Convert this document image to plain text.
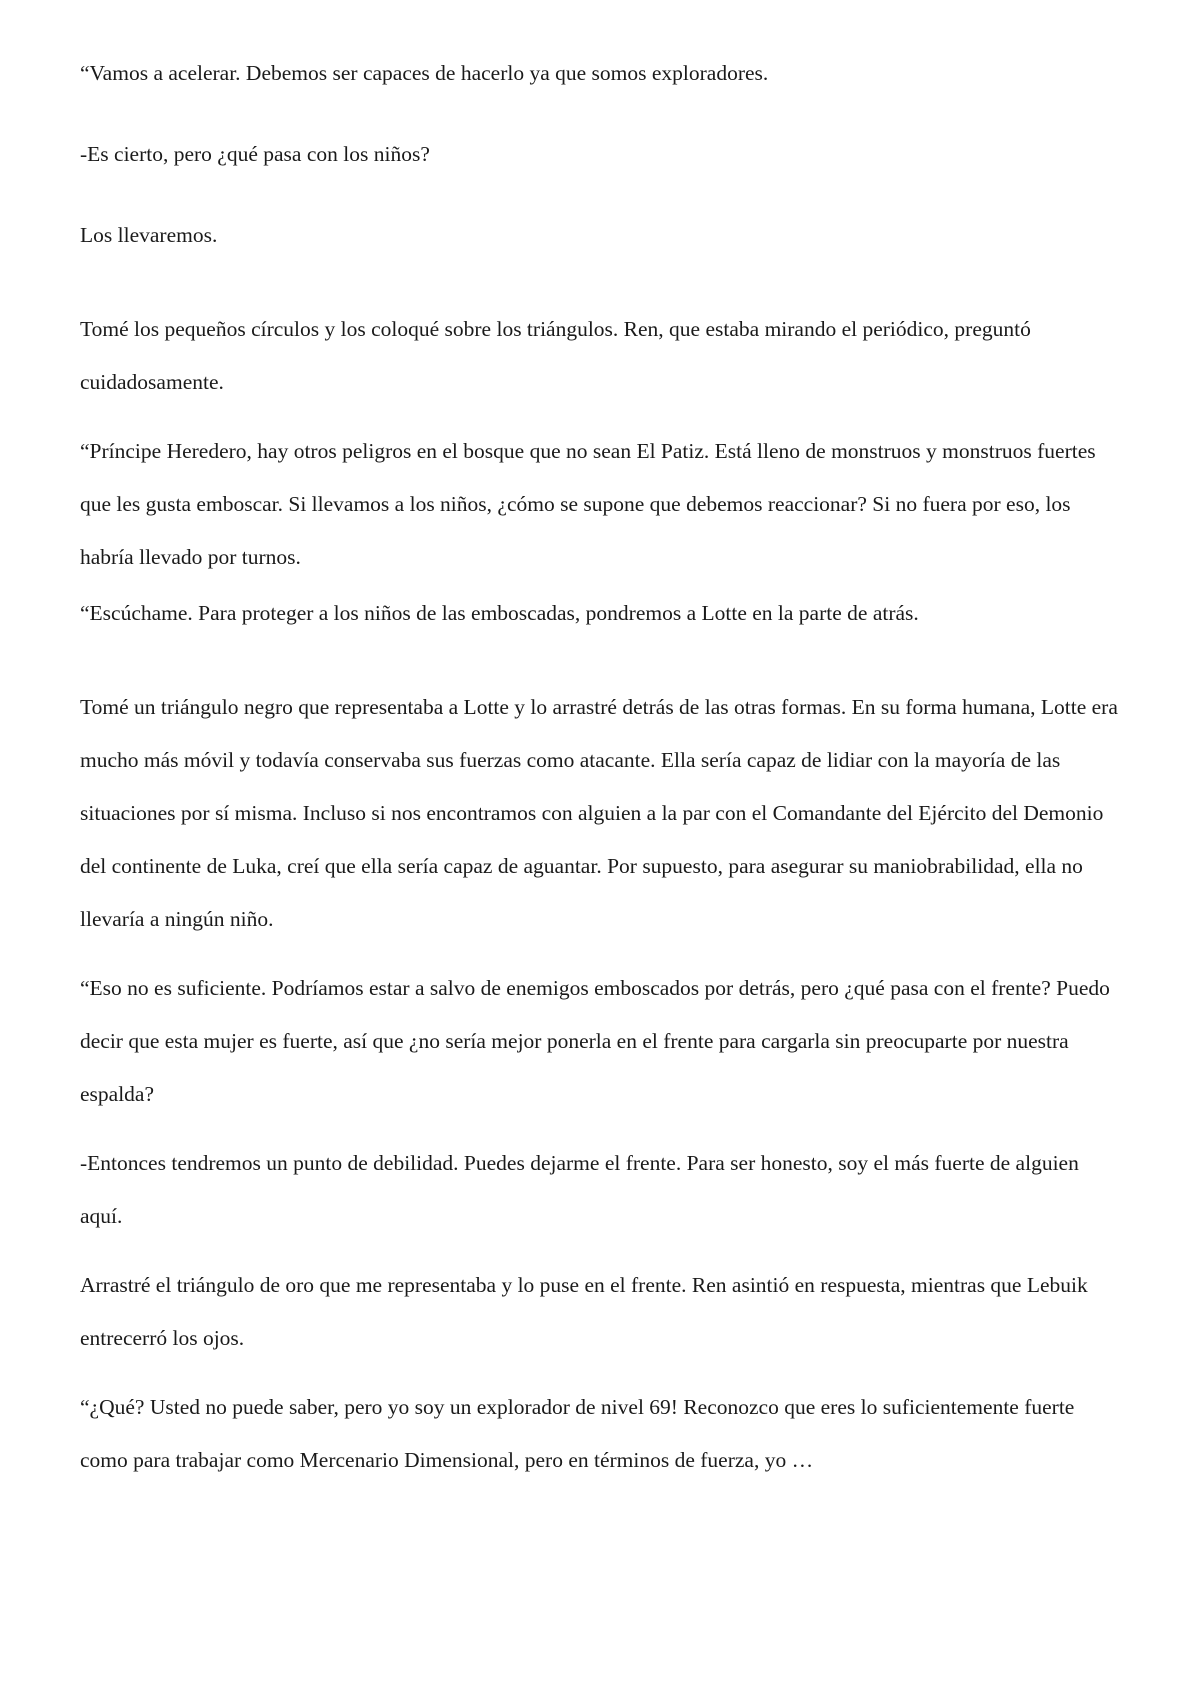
“Vamos a acelerar. Debemos ser capaces de hacerlo ya que somos exploradores.

-Es cierto, pero ¿qué pasa con los niños?

Los llevaremos.

Tomé los pequeños círculos y los coloqué sobre los triángulos. Ren, que estaba mirando el periódico, preguntó cuidadosamente.

“Príncipe Heredero, hay otros peligros en el bosque que no sean El Patiz. Está lleno de monstruos y monstruos fuertes que les gusta emboscar. Si llevamos a los niños, ¿cómo se supone que debemos reaccionar? Si no fuera por eso, los habría llevado por turnos.

“Escúchame. Para proteger a los niños de las emboscadas, pondremos a Lotte en la parte de atrás.

Tomé un triángulo negro que representaba a Lotte y lo arrastré detrás de las otras formas. En su forma humana, Lotte era mucho más móvil y todavía conservaba sus fuerzas como atacante. Ella sería capaz de lidiar con la mayoría de las situaciones por sí misma. Incluso si nos encontramos con alguien a la par con el Comandante del Ejército del Demonio del continente de Luka, creí que ella sería capaz de aguantar. Por supuesto, para asegurar su maniobrabilidad, ella no llevaría a ningún niño.

“Eso no es suficiente. Podríamos estar a salvo de enemigos emboscados por detrás, pero ¿qué pasa con el frente? Puedo decir que esta mujer es fuerte, así que ¿no sería mejor ponerla en el frente para cargarla sin preocuparte por nuestra espalda?

-Entonces tendremos un punto de debilidad. Puedes dejarme el frente. Para ser honesto, soy el más fuerte de alguien aquí.

Arrastré el triángulo de oro que me representaba y lo puse en el frente. Ren asintió en respuesta, mientras que Lebuik entrecerró los ojos.

“¿Qué? Usted no puede saber, pero yo soy un explorador de nivel 69! Reconozco que eres lo suficientemente fuerte como para trabajar como Mercenario Dimensional, pero en términos de fuerza, yo …
